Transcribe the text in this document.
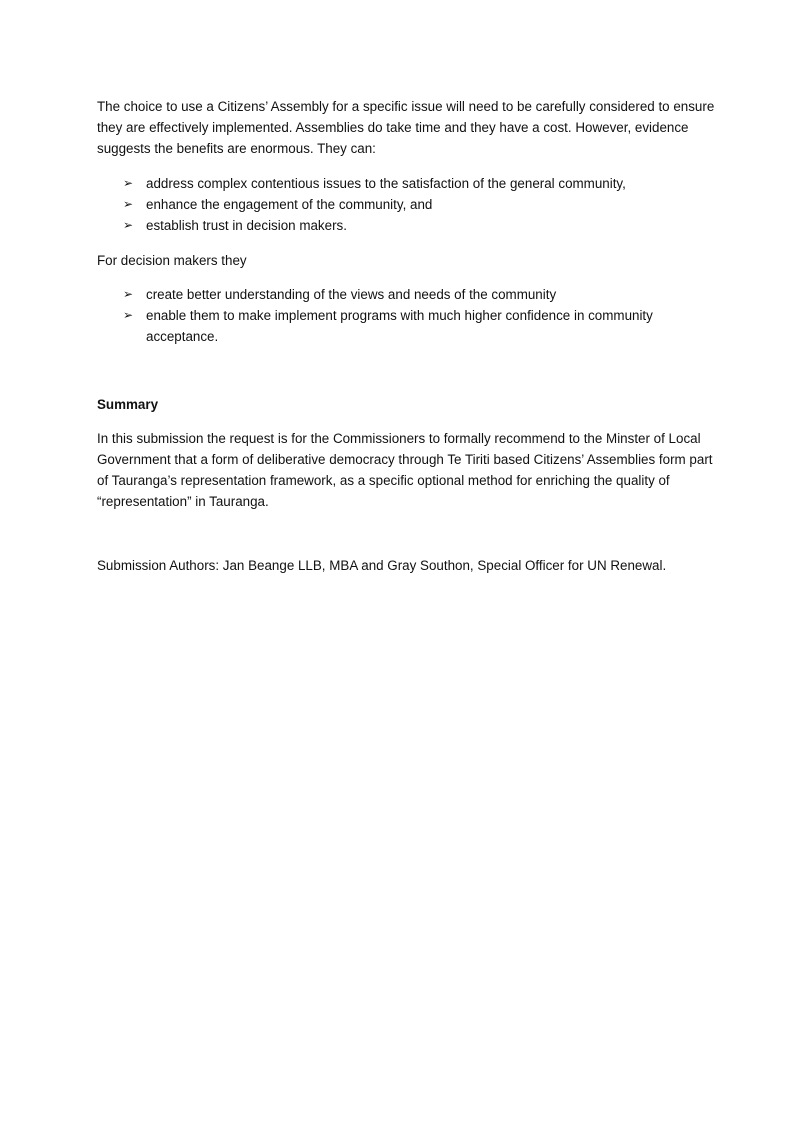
The choice to use a Citizens’ Assembly for a specific issue will need to be carefully considered to ensure they are effectively implemented. Assemblies do take time and they have a cost. However, evidence suggests the benefits are enormous. They can:

➢ address complex contentious issues to the satisfaction of the general community,
➢ enhance the engagement of the community, and
➢ establish trust in decision makers.

For decision makers they

➢ create better understanding of the views and needs of the community
➢ enable them to make implement programs with much higher confidence in community acceptance.

Summary

In this submission the request is for the Commissioners to formally recommend to the Minster of Local Government that a form of deliberative democracy through Te Tiriti based Citizens’ Assemblies form part of Tauranga’s representation framework, as a specific optional method for enriching the quality of “representation” in Tauranga.

Submission Authors: Jan Beange LLB, MBA and Gray Southon, Special Officer for UN Renewal.
